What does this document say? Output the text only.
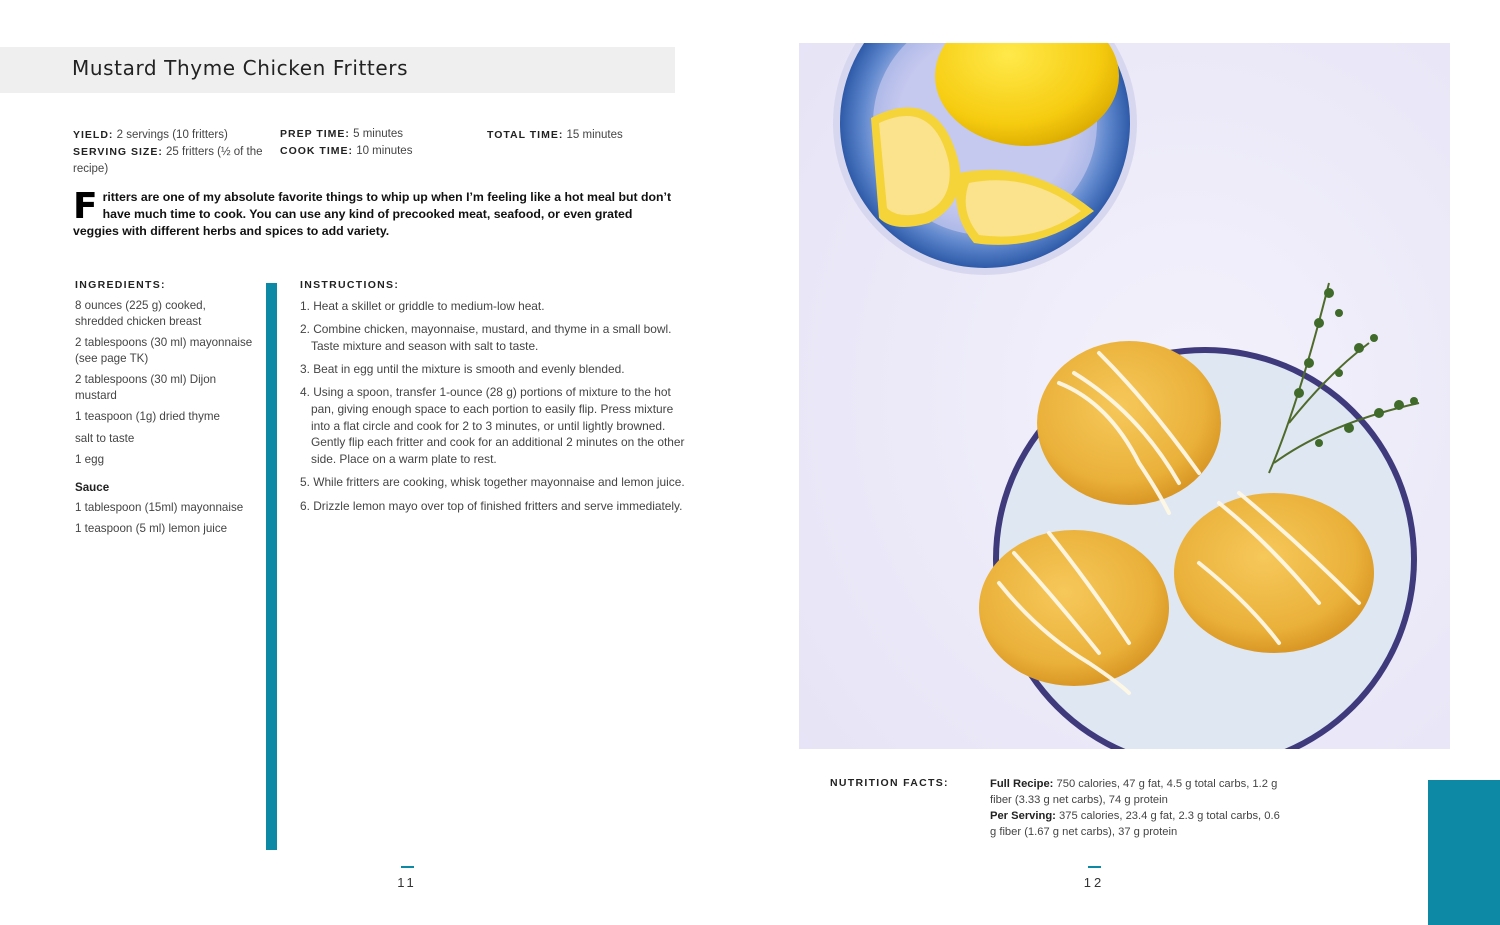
Mustard Thyme Chicken Fritters
YIELD: 2 servings (10 fritters)
SERVING SIZE: 25 fritters (½ of the recipe)
PREP TIME: 5 minutes
COOK TIME: 10 minutes
TOTAL TIME: 15 minutes
Fritters are one of my absolute favorite things to whip up when I’m feeling like a hot meal but don’t have much time to cook. You can use any kind of precooked meat, seafood, or even grated veggies with different herbs and spices to add variety.
INGREDIENTS:
8 ounces (225 g) cooked, shredded chicken breast
2 tablespoons (30 ml) mayonnaise (see page TK)
2 tablespoons (30 ml) Dijon mustard
1 teaspoon (1g) dried thyme
salt to taste
1 egg
Sauce
1 tablespoon (15ml) mayonnaise
1 teaspoon (5 ml) lemon juice
INSTRUCTIONS:
1. Heat a skillet or griddle to medium-low heat.
2. Combine chicken, mayonnaise, mustard, and thyme in a small bowl. Taste mixture and season with salt to taste.
3. Beat in egg until the mixture is smooth and evenly blended.
4. Using a spoon, transfer 1-ounce (28 g) portions of mixture to the hot pan, giving enough space to each portion to easily flip. Press mixture into a flat circle and cook for 2 to 3 minutes, or until lightly browned. Gently flip each fritter and cook for an additional 2 minutes on the other side. Place on a warm plate to rest.
5. While fritters are cooking, whisk together mayonnaise and lemon juice.
6. Drizzle lemon mayo over top of finished fritters and serve immediately.
NUTRITION FACTS:	Full Recipe: 750 calories, 47 g fat, 4.5 g total carbs, 1.2 g fiber (3.33 g net carbs), 74 g protein
Per Serving: 375 calories, 23.4 g fat, 2.3 g total carbs, 0.6 g fiber (1.67 g net carbs), 37 g protein
11	12
